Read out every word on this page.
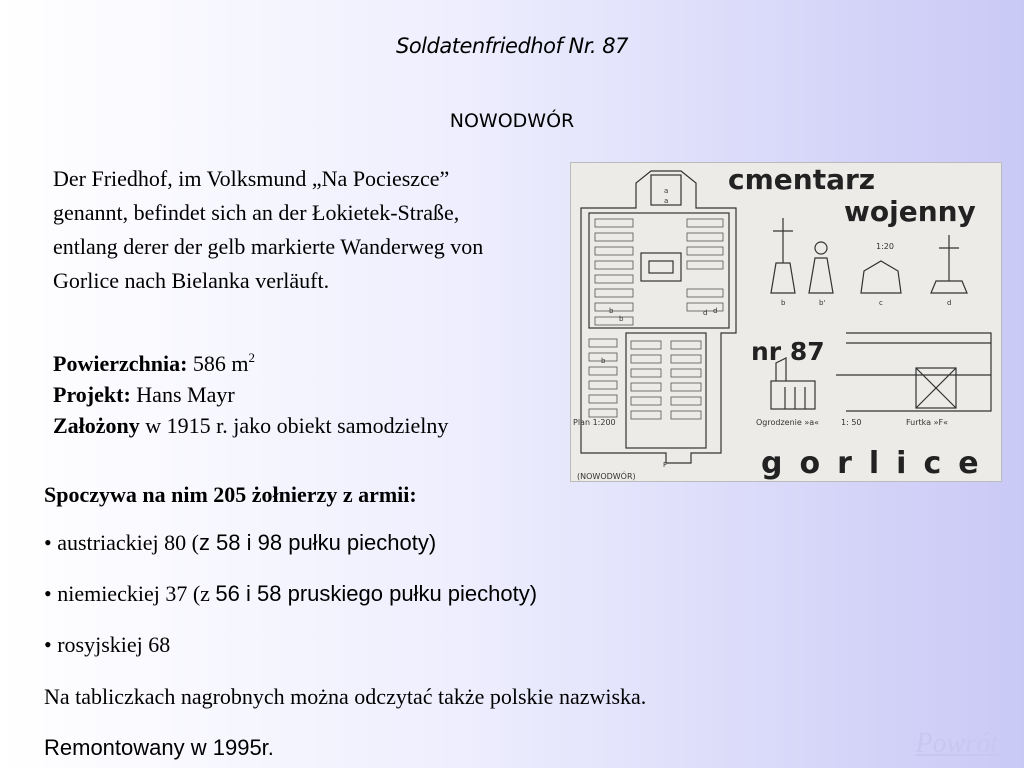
Soldatenfriedhof Nr. 87
NOWODWÓR
Der Friedhof, im Volksmund „Na Pocieszce” genannt, befindet sich an der Łokietek-Straße, entlang derer der gelb markierte Wanderweg von Gorlice nach Bielanka verläuft.
Powierzchnia: 586 $m^2$
Projekt: Hans Mayr
Założony w 1915 r. jako obiekt samodzielny
a
a
b
b
b
d d
F
cmentarz
wojenny
nr 87
gorlice
Plan 1:200
1:20
1: 50
Ogrodzenie »a«	Furtka »F«
(NOWODWÓR)
b	b'	c	d
Spoczywa na nim 205 żołnierzy z armii:
• austriackiej 80 (z 58 i 98 pułku piechoty)
• niemieckiej 37 (z 56 i 58 pruskiego pułku piechoty)
• rosyjskiej 68
Na tabliczkach nagrobnych można odczytać także polskie nazwiska.
Remontowany w 1995r.	Powrót
